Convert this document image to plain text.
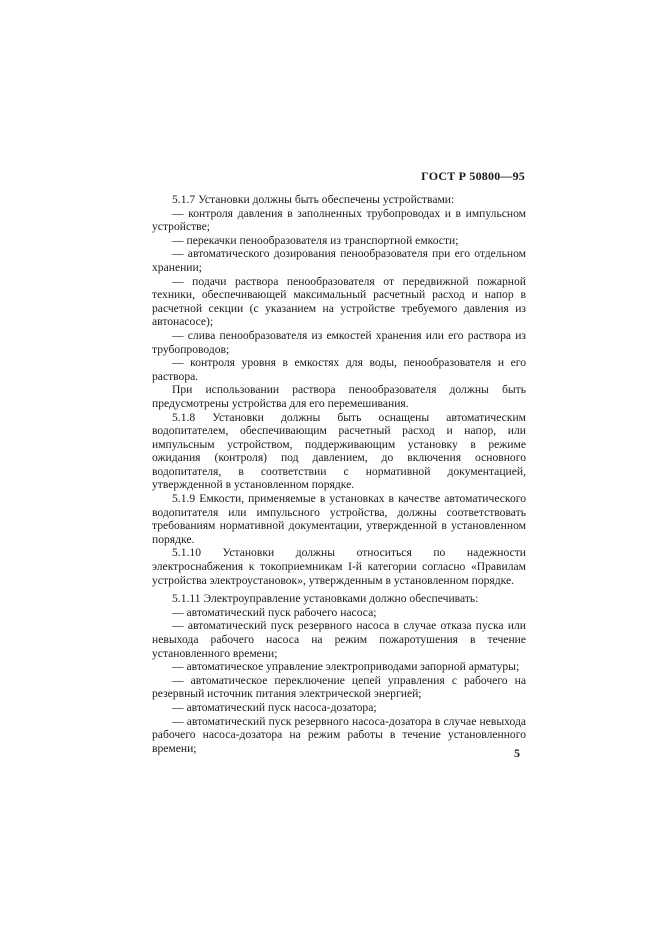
ГОСТ Р 50800—95

5.1.7 Установки должны быть обеспечены устройствами:

— контроля давления в заполненных трубопроводах и в импульсном устройстве;

— перекачки пенообразователя из транспортной емкости;

— автоматического дозирования пенообразователя при его отдельном хранении;

— подачи раствора пенообразователя от передвижной пожарной техники, обеспечивающей максимальный расчетный расход и напор в расчетной секции (с указанием на устройстве требуемого давления из автонасосе);

— слива пенообразователя из емкостей хранения или его раствора из трубопроводов;

— контроля уровня в емкостях для воды, пенообразователя и его раствора.

При использовании раствора пенообразователя должны быть предусмотрены устройства для его перемешивания.

5.1.8 Установки должны быть оснащены автоматическим водопитателем, обеспечивающим расчетный расход и напор, или импульсным устройством, поддерживающим установку в режиме ожидания (контроля) под давлением, до включения основного водопитателя, в соответствии с нормативной документацией, утвержденной в установленном порядке.

5.1.9 Емкости, применяемые в установках в качестве автоматического водопитателя или импульсного устройства, должны соответствовать требованиям нормативной документации, утвержденной в установленном порядке.

5.1.10 Установки должны относиться по надежности электроснабжения к токоприемникам I-й категории согласно «Правилам устройства электроустановок», утвержденным в установленном порядке.

5.1.11 Электроуправление установками должно обеспечивать:

— автоматический пуск рабочего насоса;

— автоматический пуск резервного насоса в случае отказа пуска или невыхода рабочего насоса на режим пожаротушения в течение установленного времени;

— автоматическое управление электроприводами запорной арматуры;

— автоматическое переключение цепей управления с рабочего на резервный источник питания электрической энергией;

— автоматический пуск насоса-дозатора;

— автоматический пуск резервного насоса-дозатора в случае невыхода рабочего насоса-дозатора на режим работы в течение установленного времени;	5
